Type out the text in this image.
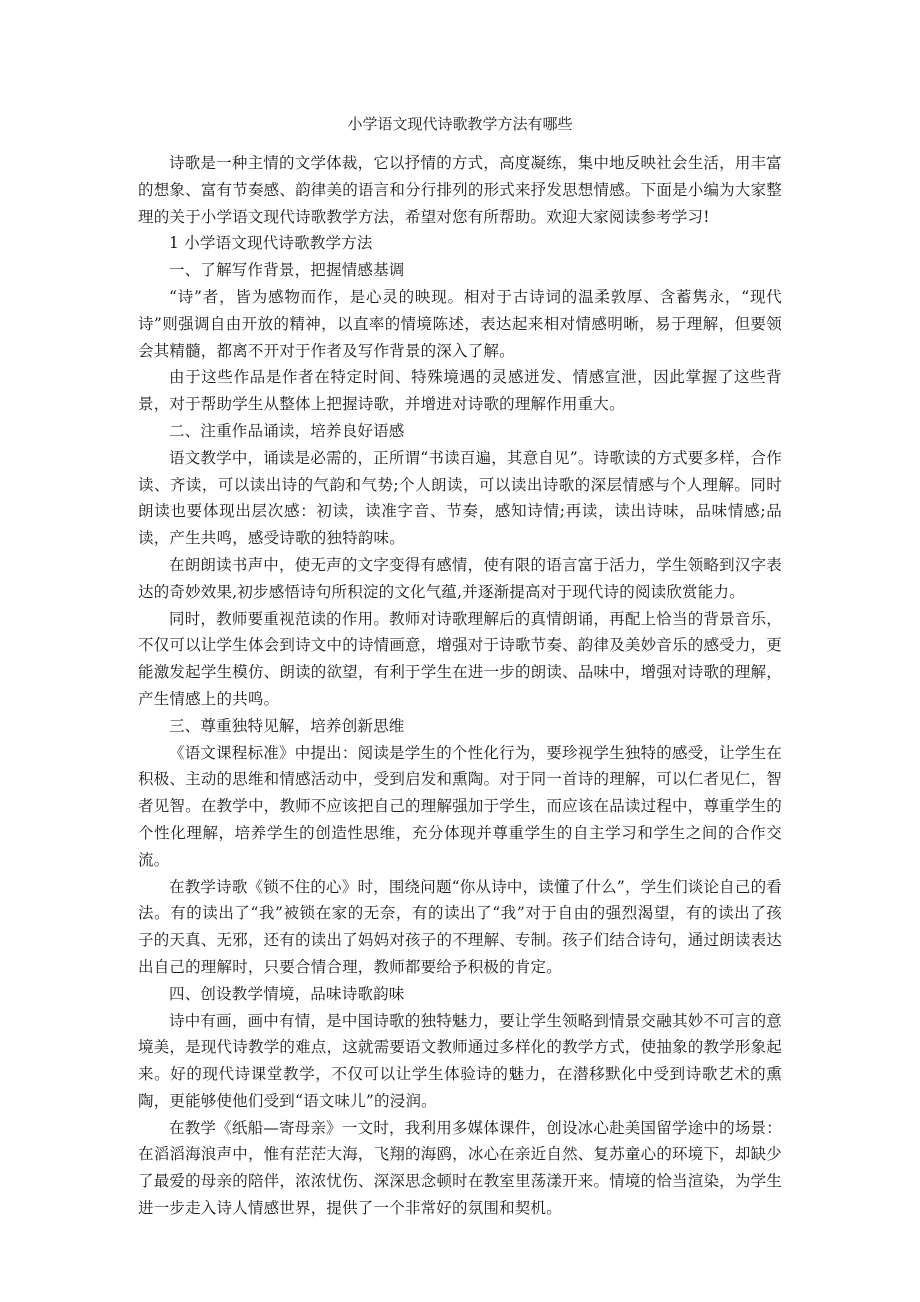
小学语文现代诗歌教学方法有哪些

诗歌是一种主情的文学体裁，它以抒情的方式，高度凝练，集中地反映社会生活，用丰富的想象、富有节奏感、韵律美的语言和分行排列的形式来抒发思想情感。下面是小编为大家整理的关于小学语文现代诗歌教学方法，希望对您有所帮助。欢迎大家阅读参考学习!

1 小学语文现代诗歌教学方法

一、了解写作背景，把握情感基调

“诗”者，皆为感物而作，是心灵的映现。相对于古诗词的温柔敦厚、含蓄隽永，“现代诗”则强调自由开放的精神，以直率的情境陈述，表达起来相对情感明晰，易于理解，但要领会其精髓，都离不开对于作者及写作背景的深入了解。

由于这些作品是作者在特定时间、特殊境遇的灵感迸发、情感宣泄，因此掌握了这些背景，对于帮助学生从整体上把握诗歌，并增进对诗歌的理解作用重大。

二、注重作品诵读，培养良好语感

语文教学中，诵读是必需的，正所谓“书读百遍，其意自见”。诗歌读的方式要多样，合作读、齐读，可以读出诗的气韵和气势;个人朗读，可以读出诗歌的深层情感与个人理解。同时朗读也要体现出层次感：初读，读准字音、节奏，感知诗情;再读，读出诗味，品味情感;品读，产生共鸣，感受诗歌的独特韵味。

在朗朗读书声中，使无声的文字变得有感情，使有限的语言富于活力，学生领略到汉字表达的奇妙效果,初步感悟诗句所积淀的文化气蕴,并逐渐提高对于现代诗的阅读欣赏能力。

同时，教师要重视范读的作用。教师对诗歌理解后的真情朗诵，再配上恰当的背景音乐，不仅可以让学生体会到诗文中的诗情画意，增强对于诗歌节奏、韵律及美妙音乐的感受力，更能激发起学生模仿、朗读的欲望，有利于学生在进一步的朗读、品味中，增强对诗歌的理解，产生情感上的共鸣。

三、尊重独特见解，培养创新思维

《语文课程标准》中提出：阅读是学生的个性化行为，要珍视学生独特的感受，让学生在积极、主动的思维和情感活动中，受到启发和熏陶。对于同一首诗的理解，可以仁者见仁，智者见智。在教学中，教师不应该把自己的理解强加于学生，而应该在品读过程中，尊重学生的个性化理解，培养学生的创造性思维，充分体现并尊重学生的自主学习和学生之间的合作交流。

在教学诗歌《锁不住的心》时，围绕问题“你从诗中，读懂了什么”，学生们谈论自己的看法。有的读出了“我”被锁在家的无奈，有的读出了“我”对于自由的强烈渴望，有的读出了孩子的天真、无邪，还有的读出了妈妈对孩子的不理解、专制。孩子们结合诗句，通过朗读表达出自己的理解时，只要合情合理，教师都要给予积极的肯定。

四、创设教学情境，品味诗歌韵味

诗中有画，画中有情，是中国诗歌的独特魅力，要让学生领略到情景交融其妙不可言的意境美，是现代诗教学的难点，这就需要语文教师通过多样化的教学方式，使抽象的教学形象起来。好的现代诗课堂教学，不仅可以让学生体验诗的魅力，在潜移默化中受到诗歌艺术的熏陶，更能够使他们受到“语文味儿”的浸润。

在教学《纸船—寄母亲》一文时，我利用多媒体课件，创设冰心赴美国留学途中的场景：在滔滔海浪声中，惟有茫茫大海，飞翔的海鸥，冰心在亲近自然、复苏童心的环境下，却缺少了最爱的母亲的陪伴，浓浓忧伤、深深思念顿时在教室里荡漾开来。情境的恰当渲染，为学生进一步走入诗人情感世界，提供了一个非常好的氛围和契机。
